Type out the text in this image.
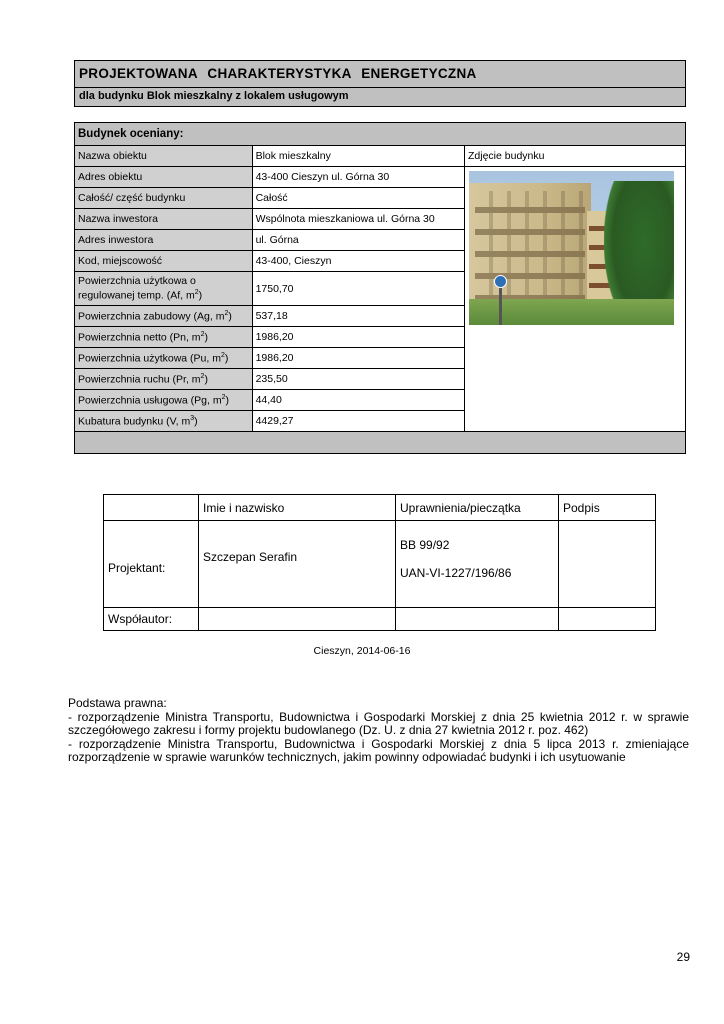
PROJEKTOWANA CHARAKTERYSTYKA ENERGETYCZNA
dla budynku Blok mieszkalny z lokalem usługowym
Budynek oceniany:		
Nazwa obiektu	Blok mieszkalny	Zdjęcie budynku
Adres obiektu	43-400 Cieszyn ul. Górna 30	

Całość/ część budynku	Całość	
Nazwa inwestora	Wspólnota mieszkaniowa ul. Górna 30	
Adres inwestora	ul. Górna	
Kod, miejscowość	43-400, Cieszyn	
Powierzchnia użytkowa o regulowanej temp. (Af, $m^2$)	1750,70	
Powierzchnia zabudowy (Ag, $m^2$)	537,18	
Powierzchnia netto (Pn, $m^2$)	1986,20	
Powierzchnia użytkowa (Pu, $m^2$)	1986,20	
Powierzchnia ruchu (Pr, $m^2$)	235,50	
Powierzchnia usługowa (Pg, $m^2$)	44,40	
Kubatura budynku (V, $m^3$)	4429,27	

	Imie i nazwisko	Uprawnienia/pieczątka	Podpis
Projektant:	Szczepan Serafin	BB 99/92
UAN-VI-1227/196/86	

Współautor:			
Cieszyn, 2014-06-16
Podstawa prawna:

- rozporządzenie Ministra Transportu, Budownictwa i Gospodarki Morskiej z dnia 25 kwietnia 2012 r. w sprawie szczegółowego zakresu i formy projektu budowlanego (Dz. U. z dnia 27 kwietnia 2012 r. poz. 462)

- rozporządzenie Ministra Transportu, Budownictwa i Gospodarki Morskiej z dnia 5 lipca 2013 r. zmieniające rozporządzenie w sprawie warunków technicznych, jakim powinny odpowiadać budynki i ich usytuowanie

29
